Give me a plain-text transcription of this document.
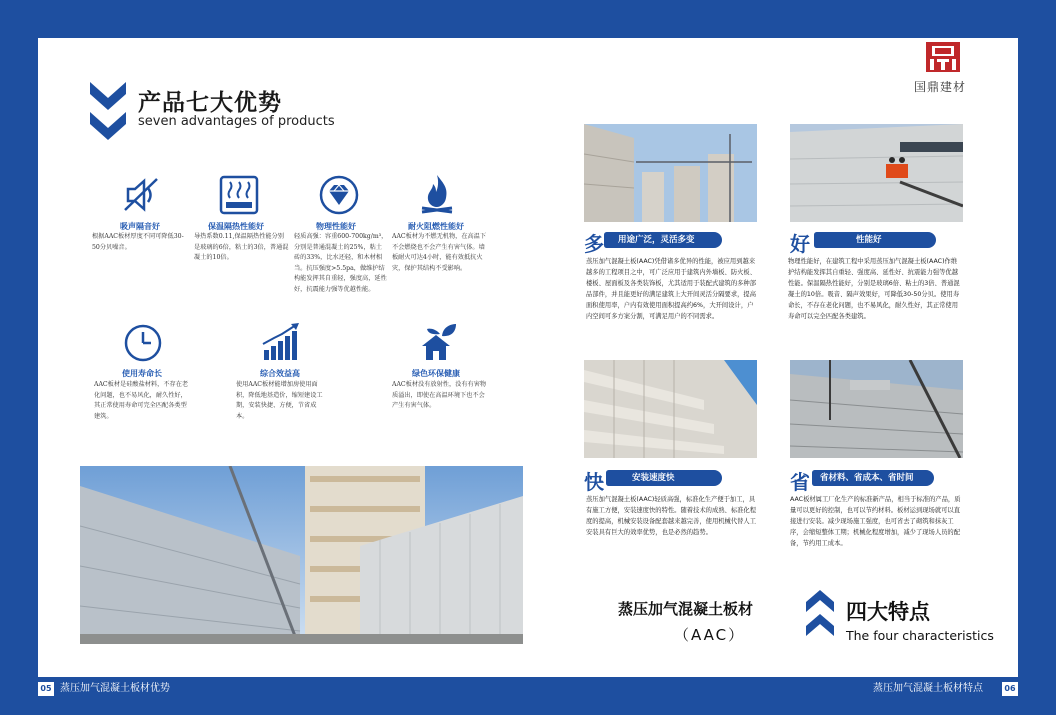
产品七大优势
seven advantages of products
吸声隔音好
根据AAC板材厚度不同可降低30-50分贝噪音。
保温隔热性能好
导热系数0.11,保温隔热性能分别是玻璃的6倍，粘土的3倍，普通混凝土的10倍。
物理性能好
轻质高强：容重600-700kg/m³，分别是普通混凝土的25%，粘土砖的33%，比水还轻，和木材相当。抗压强度>5.5pa，做维护结构能发挥其自重轻，强度高，延性好，抗震能力强等优越性能。
耐火阻燃性能好
AAC板材为不燃无机物，在高温下不会燃烧也不会产生有害气体。墙板耐火可达4小时，能有效抵抗火灾，保护其结构不受影响。
使用寿命长
AAC板材是硅酸盐材料，不存在老化问题，也不易风化，耐久性好，其正常使用寿命可完全匹配各类型建筑。
综合效益高
使用AAC板材能增加房使用面积，降低地基造价，缩短建设工期，安装快捷、方便，节省成本。
绿色环保健康
AAC板材没有放射性，没有有害物质溢出，即使在高温环境下也不会产生有害气体。
国鼎建材
多	用途广泛，灵活多变
蒸压加气混凝土板(AAC)凭借诸多优异的性能，被应用到越来越多的工程项目之中，可广泛应用于建筑内外墙板、防火板、楼板、屋面板及各类装饰板，尤其适用于装配式建筑的多种部品部件，并且能更好的满足建筑上大开间灵活分隔要求，提高面积使用率，户内有效使用面积提高约6%，大开间设计，户内空间可多方案分割，可满足用户的不同需求。
好	性能好
物理性能好，在建筑工程中采用蒸压加气混凝土板(AAC)作维护结构能发挥其自重轻、强度高、延性好、抗震能力强等优越性能。保温隔热性能好，分别是玻璃6倍、粘土的3倍、普通混凝土的10倍。吸音、隔声效果好，可降低30-50分贝。使用寿命长，不存在老化问题，也不易风化，耐久性好，其正常使用寿命可以完全匹配各类建筑。
快	安装速度快
蒸压加气混凝土板(AAC)轻质高强，标准化生产便于加工，具有施工方便，安装速度快的特性。随着技术的成熟、标准化程度的提高，机械安装设备配套越来越完善，使用机械代替人工安装具有巨大的效率优势，也是必然的趋势。
省	省材料、省成本、省时间
AAC板材属工厂化生产的标准新产品，相当于标准的产品，质量可以更好的控制，也可以节约材料。板材运到现场就可以直接进行安装。减少现场施工强度，也可省去了砌筑和抹灰工序，会缩短整体工期；机械化程度增加，减少了现场人员的配备，节约用工成本。
蒸压加气混凝土板材
（AAC）
四大特点
The four characteristics
05 蒸压加气混凝土板材优势	蒸压加气混凝土板材特点	06
